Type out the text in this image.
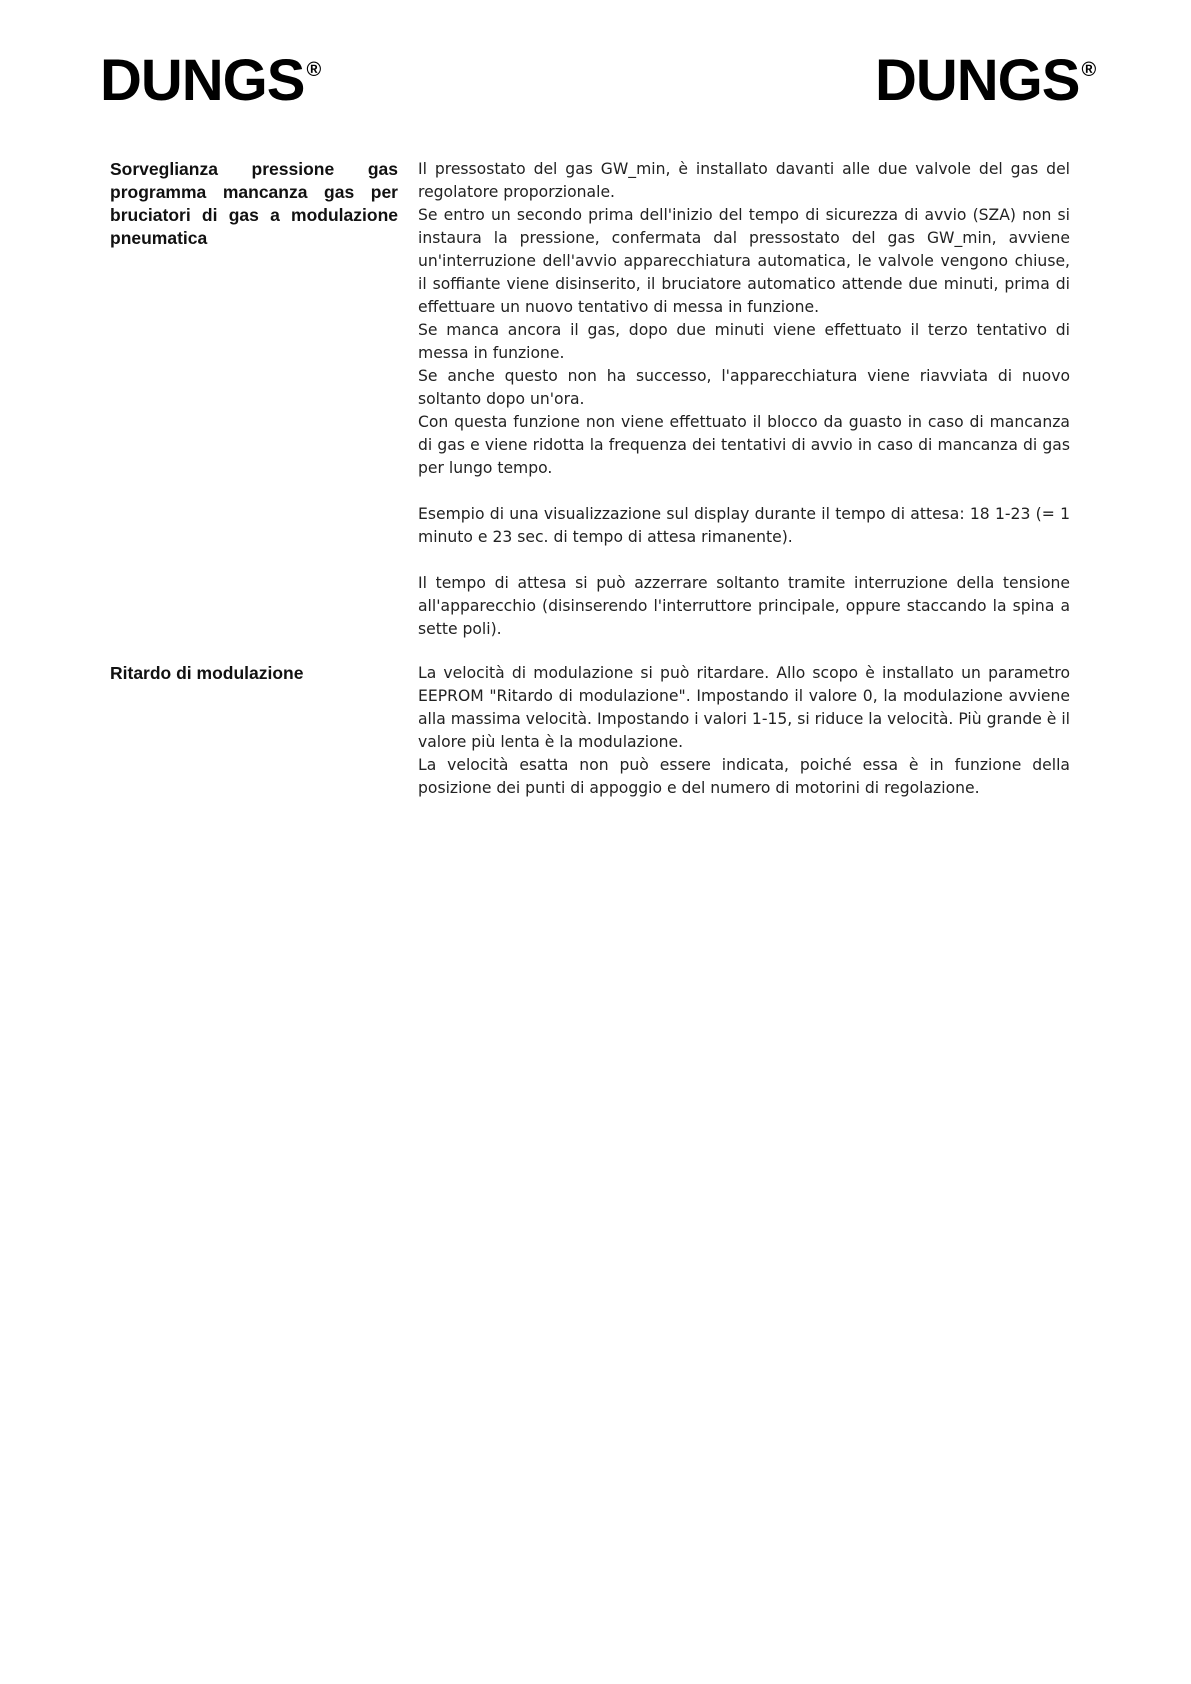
DUNGS ®	DUNGS ®
Sorveglianza pressione gas programma mancanza gas per bruciatori di gas a modulazione pneumatica

Il pressostato del gas GW_min, è installato davanti alle due valvole del gas del regolatore proporzionale.

Se entro un secondo prima dell'inizio del tempo di sicurezza di avvio (SZA) non si instaura la pressione, confermata dal pressostato del gas GW_min, avviene un'interruzione dell'avvio apparecchiatura automatica, le valvole vengono chiuse, il soffiante viene disinserito, il bruciatore automatico attende due minuti, prima di effettuare un nuovo tentativo di messa in funzione.

Se manca ancora il gas, dopo due minuti viene effettuato il terzo tentativo di messa in funzione.

Se anche questo non ha successo, l'apparecchiatura viene riavviata di nuovo soltanto dopo un'ora.

Con questa funzione non viene effettuato il blocco da guasto in caso di mancanza di gas e viene ridotta la frequenza dei tentativi di avvio in caso di mancanza di gas per lungo tempo.

Esempio di una visualizzazione sul display durante il tempo di attesa: 18 1-23 (= 1 minuto e 23 sec. di tempo di attesa rimanente).

Il tempo di attesa si può azzerrare soltanto tramite interruzione della tensione all'apparecchio (disinserendo l'interruttore principale, oppure staccando la spina a sette poli).

Ritardo di modulazione	La velocità di modulazione si può ritardare. Allo scopo è installato un parametro EEPROM "Ritardo di modulazione". Impostando il valore 0, la modulazione avviene alla massima velocità. Impostando i valori 1-15, si riduce la velocità. Più grande è il valore più lenta è la modulazione.

La velocità esatta non può essere indicata, poiché essa è in funzione della posizione dei punti di appoggio e del numero di motorini di regolazione.
